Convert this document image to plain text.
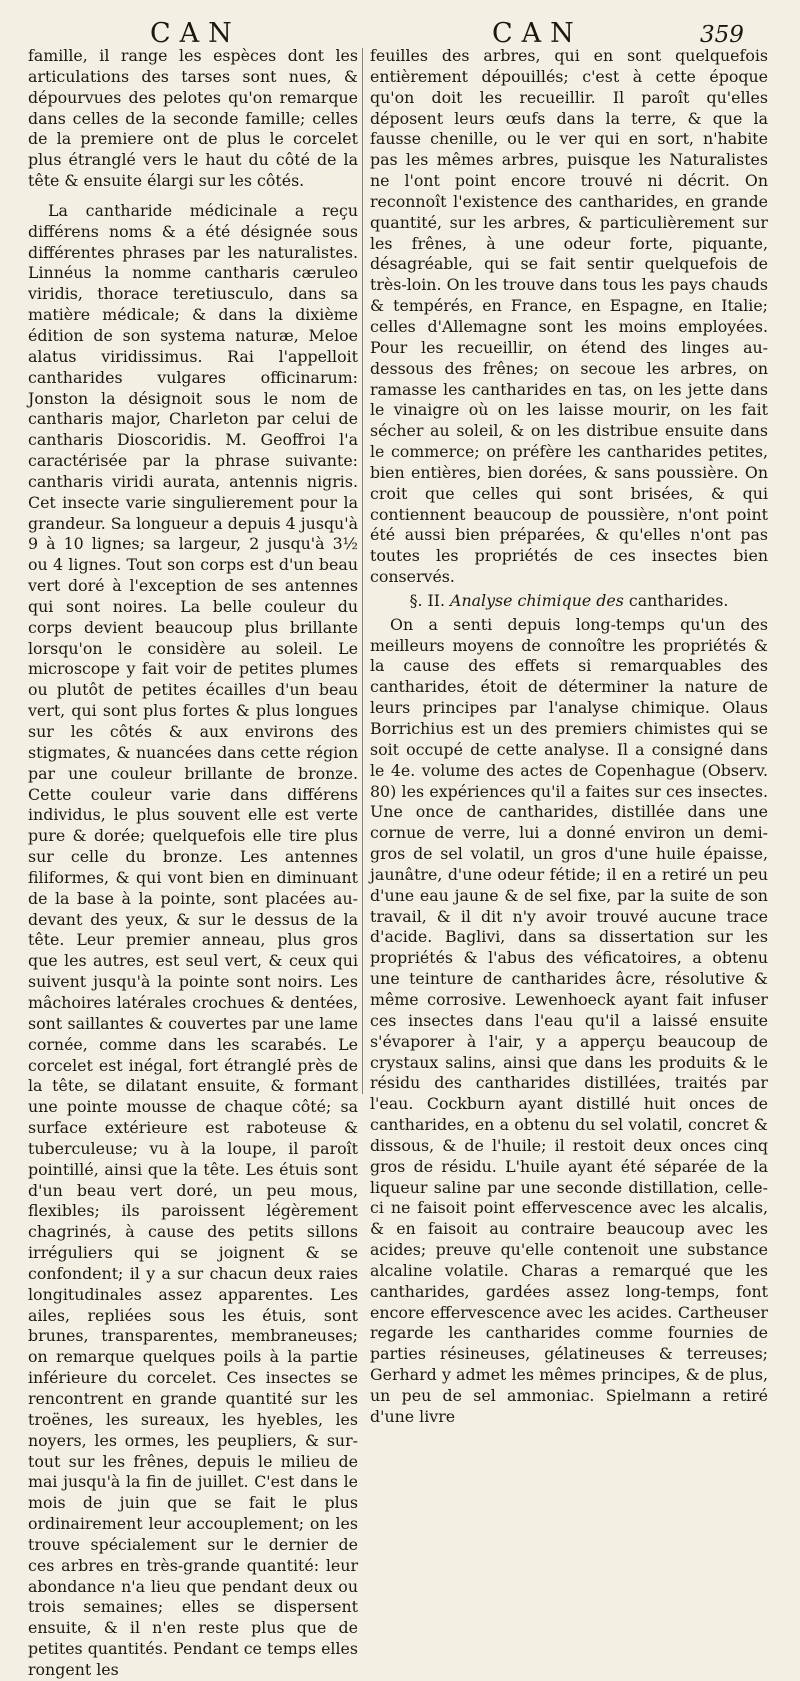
CAN	CAN	359

famille, il range les espèces dont les articulations des tarses sont nues, & dépourvues des pelotes qu'on remarque dans celles de la seconde famille; celles de la premiere ont de plus le corcelet plus étranglé vers le haut du côté de la tête & ensuite élargi sur les côtés.

La cantharide médicinale a reçu différens noms & a été désignée sous différentes phrases par les naturalistes. Linnéus la nomme cantharis cæruleo viridis, thorace teretiusculo, dans sa matière médicale; & dans la dixième édition de son systema naturæ, Meloe alatus viridissimus. Rai l'appelloit cantharides vulgares officinarum: Jonston la désignoit sous le nom de cantharis major, Charleton par celui de cantharis Dioscoridis. M. Geoffroi l'a caractérisée par la phrase suivante: cantharis viridi aurata, antennis nigris. Cet insecte varie singulierement pour la grandeur. Sa longueur a depuis 4 jusqu'à 9 à 10 lignes; sa largeur, 2 jusqu'à 3½ ou 4 lignes. Tout son corps est d'un beau vert doré à l'exception de ses antennes qui sont noires. La belle couleur du corps devient beaucoup plus brillante lorsqu'on le considère au soleil. Le microscope y fait voir de petites plumes ou plutôt de petites écailles d'un beau vert, qui sont plus fortes & plus longues sur les côtés & aux environs des stigmates, & nuancées dans cette région par une couleur brillante de bronze. Cette couleur varie dans différens individus, le plus souvent elle est verte pure & dorée; quelquefois elle tire plus sur celle du bronze. Les antennes filiformes, & qui vont bien en diminuant de la base à la pointe, sont placées au-devant des yeux, & sur le dessus de la tête. Leur premier anneau, plus gros que les autres, est seul vert, & ceux qui suivent jusqu'à la pointe sont noirs. Les mâchoires latérales crochues & dentées, sont saillantes & couvertes par une lame cornée, comme dans les scarabés. Le corcelet est inégal, fort étranglé près de la tête, se dilatant ensuite, & formant une pointe mousse de chaque côté; sa surface extérieure est raboteuse & tuberculeuse; vu à la loupe, il paroît pointillé, ainsi que la tête. Les étuis sont d'un beau vert doré, un peu mous, flexibles; ils paroissent légèrement chagrinés, à cause des petits sillons irréguliers qui se joignent & se confondent; il y a sur chacun deux raies longitudinales assez apparentes. Les ailes, repliées sous les étuis, sont brunes, transparentes, membraneuses; on remarque quelques poils à la partie inférieure du corcelet. Ces insectes se rencontrent en grande quantité sur les troënes, les sureaux, les hyebles, les noyers, les ormes, les peupliers, & sur-tout sur les frênes, depuis le milieu de mai jusqu'à la fin de juillet. C'est dans le mois de juin que se fait le plus ordinairement leur accouplement; on les trouve spécialement sur le dernier de ces arbres en très-grande quantité: leur abondance n'a lieu que pendant deux ou trois semaines; elles se dispersent ensuite, & il n'en reste plus que de petites quantités. Pendant ce temps elles rongent les

feuilles des arbres, qui en sont quelquefois entièrement dépouillés; c'est à cette époque qu'on doit les recueillir. Il paroît qu'elles déposent leurs œufs dans la terre, & que la fausse chenille, ou le ver qui en sort, n'habite pas les mêmes arbres, puisque les Naturalistes ne l'ont point encore trouvé ni décrit. On reconnoît l'existence des cantharides, en grande quantité, sur les arbres, & particulièrement sur les frênes, à une odeur forte, piquante, désagréable, qui se fait sentir quelquefois de très-loin. On les trouve dans tous les pays chauds & tempérés, en France, en Espagne, en Italie; celles d'Allemagne sont les moins employées. Pour les recueillir, on étend des linges au-dessous des frênes; on secoue les arbres, on ramasse les cantharides en tas, on les jette dans le vinaigre où on les laisse mourir, on les fait sécher au soleil, & on les distribue ensuite dans le commerce; on préfère les cantharides petites, bien entières, bien dorées, & sans poussière. On croit que celles qui sont brisées, & qui contiennent beaucoup de poussière, n'ont point été aussi bien préparées, & qu'elles n'ont pas toutes les propriétés de ces insectes bien conservés.

§. II. Analyse chimique des cantharides.

On a senti depuis long-temps qu'un des meilleurs moyens de connoître les propriétés & la cause des effets si remarquables des cantharides, étoit de déterminer la nature de leurs principes par l'analyse chimique. Olaus Borrichius est un des premiers chimistes qui se soit occupé de cette analyse. Il a consigné dans le 4e. volume des actes de Copenhague (Observ. 80) les expériences qu'il a faites sur ces insectes. Une once de cantharides, distillée dans une cornue de verre, lui a donné environ un demi-gros de sel volatil, un gros d'une huile épaisse, jaunâtre, d'une odeur fétide; il en a retiré un peu d'une eau jaune & de sel fixe, par la suite de son travail, & il dit n'y avoir trouvé aucune trace d'acide. Baglivi, dans sa dissertation sur les propriétés & l'abus des véficatoires, a obtenu une teinture de cantharides âcre, résolutive & même corrosive. Lewenhoeck ayant fait infuser ces insectes dans l'eau qu'il a laissé ensuite s'évaporer à l'air, y a apperçu beaucoup de crystaux salins, ainsi que dans les produits & le résidu des cantharides distillées, traités par l'eau. Cockburn ayant distillé huit onces de cantharides, en a obtenu du sel volatil, concret & dissous, & de l'huile; il restoit deux onces cinq gros de résidu. L'huile ayant été séparée de la liqueur saline par une seconde distillation, celle-ci ne faisoit point effervescence avec les alcalis, & en faisoit au contraire beaucoup avec les acides; preuve qu'elle contenoit une substance alcaline volatile. Charas a remarqué que les cantharides, gardées assez long-temps, font encore effervescence avec les acides. Cartheuser regarde les cantharides comme fournies de parties résineuses, gélatineuses & terreuses; Gerhard y admet les mêmes principes, & de plus, un peu de sel ammoniac. Spielmann a retiré d'une livre
